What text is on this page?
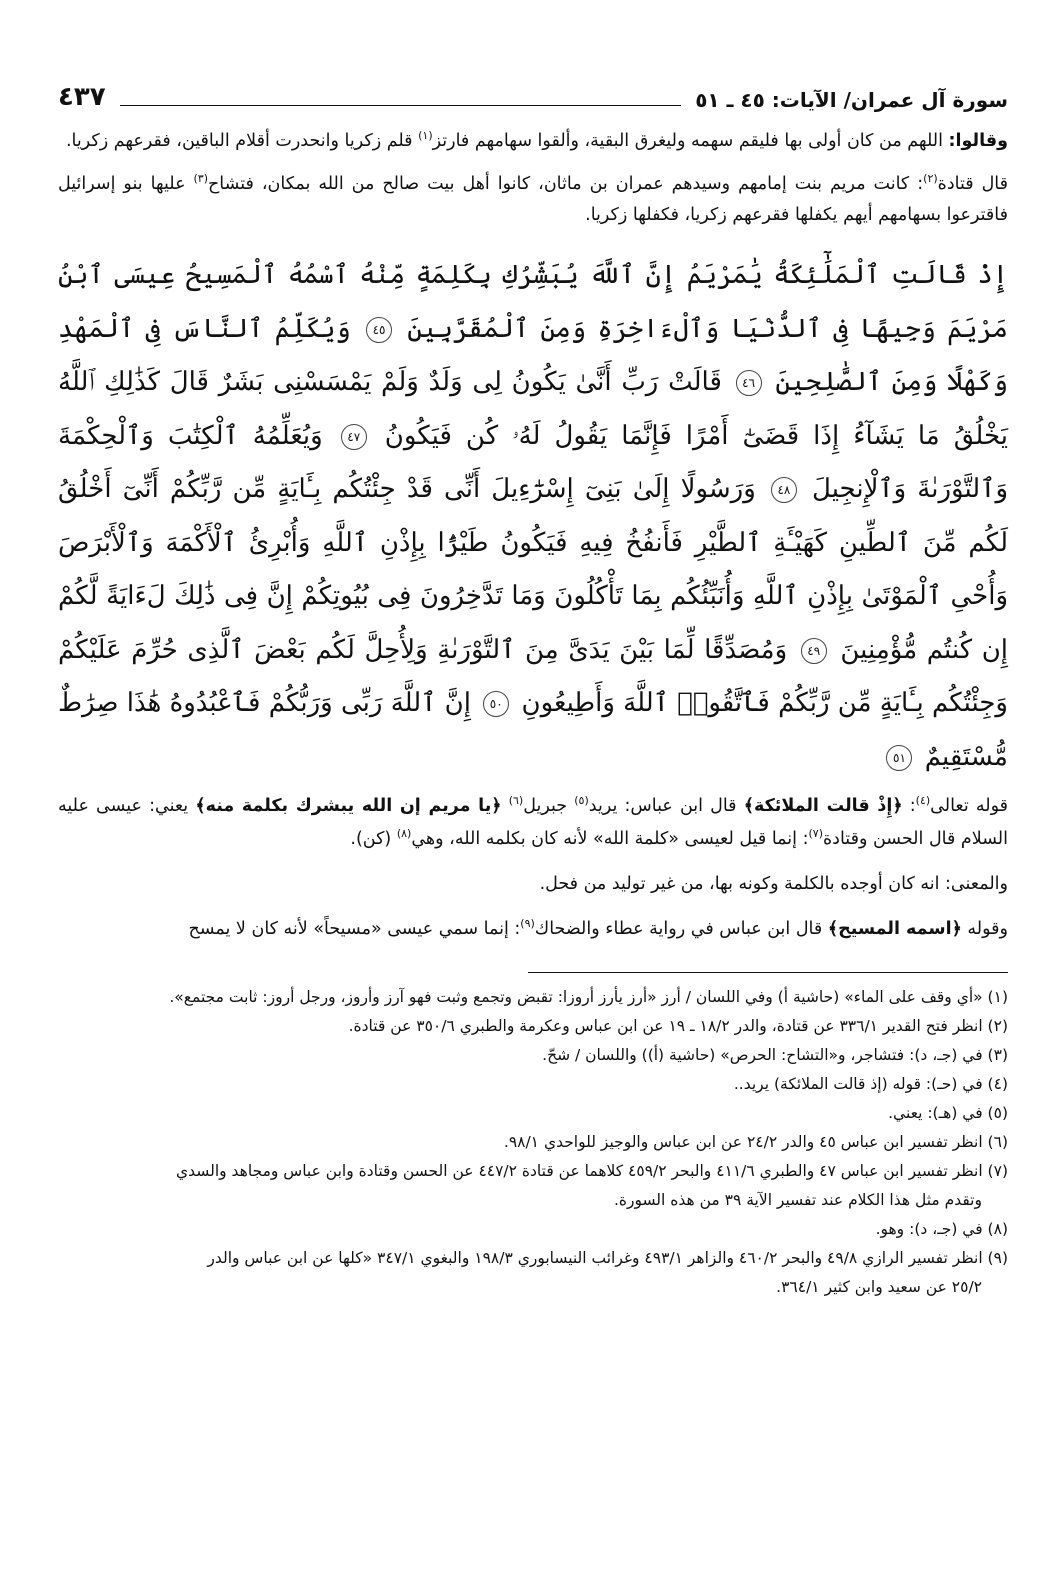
سورة آل عمران/ الآيات: ٤٥ ـ ٥١
٤٣٧

وقالوا: اللهم من كان أولى بها فليقم سهمه وليغرق البقية، وألقوا سهامهم فارتز$^{(١)}$ قلم زكريا وانحدرت أقلام الباقين، فقرعهم زكريا.

قال قتادة$^{(٢)}$: كانت مريم بنت إمامهم وسيدهم عمران بن ماثان، كانوا أهل بيت صالح من الله بمكان، فتشاح$^{(٣)}$ عليها بنو إسرائيل فاقترعوا بسهامهم أيهم يكفلها فقرعهم زكريا، فكفلها زكريا.

إِذْ قَالَتِ ٱلْمَلَٰٓئِكَةُ يَٰمَرْيَمُ إِنَّ ٱللَّهَ يُبَشِّرُكِ بِكَلِمَةٍ مِّنْهُ ٱسْمُهُ ٱلْمَسِيحُ عِيسَى ٱبْنُ مَرْيَمَ وَجِيهًا فِى ٱلدُّنْيَا وَٱلْءَاخِرَةِ وَمِنَ ٱلْمُقَرَّبِينَ ٤٥ وَيُكَلِّمُ ٱلنَّاسَ فِى ٱلْمَهْدِ وَكَهْلًا وَمِنَ ٱلصَّٰلِحِينَ ٤٦ قَالَتْ رَبِّ أَنَّىٰ يَكُونُ لِى وَلَدٌ وَلَمْ يَمْسَسْنِى بَشَرٌ قَالَ كَذَٰلِكِ ٱللَّهُ يَخْلُقُ مَا يَشَآءُ إِذَا قَضَىٰٓ أَمْرًا فَإِنَّمَا يَقُولُ لَهُۥ كُن فَيَكُونُ ٤٧ وَيُعَلِّمُهُ ٱلْكِتَٰبَ وَٱلْحِكْمَةَ وَٱلتَّوْرَىٰةَ وَٱلْإِنجِيلَ ٤٨ وَرَسُولًا إِلَىٰ بَنِىٓ إِسْرَٰٓءِيلَ أَنِّى قَدْ جِئْتُكُم بِـَٔايَةٍ مِّن رَّبِّكُمْ أَنِّىٓ أَخْلُقُ لَكُم مِّنَ ٱلطِّينِ كَهَيْـَٔةِ ٱلطَّيْرِ فَأَنفُخُ فِيهِ فَيَكُونُ طَيْرًۢا بِإِذْنِ ٱللَّهِ وَأُبْرِئُ ٱلْأَكْمَهَ وَٱلْأَبْرَصَ وَأُحْىِ ٱلْمَوْتَىٰ بِإِذْنِ ٱللَّهِ وَأُنَبِّئُكُم بِمَا تَأْكُلُونَ وَمَا تَدَّخِرُونَ فِى بُيُوتِكُمْ إِنَّ فِى ذَٰلِكَ لَءَايَةً لَّكُمْ إِن كُنتُم مُّؤْمِنِينَ ٤٩ وَمُصَدِّقًا لِّمَا بَيْنَ يَدَىَّ مِنَ ٱلتَّوْرَىٰةِ وَلِأُحِلَّ لَكُم بَعْضَ ٱلَّذِى حُرِّمَ عَلَيْكُمْ وَجِئْتُكُم بِـَٔايَةٍ مِّن رَّبِّكُمْ فَٱتَّقُوا۟ ٱللَّهَ وَأَطِيعُونِ ٥٠ إِنَّ ٱللَّهَ رَبِّى وَرَبُّكُمْ فَٱعْبُدُوهُ هَٰذَا صِرَٰطٌ مُّسْتَقِيمٌ ٥١

قوله تعالى$^{(٤)}$: ﴿إِذْ قالت الملائكة﴾ قال ابن عباس: يريد$^{(٥)}$ جبريل$^{(٦)}$ ﴿يا مريم إن الله يبشرك بكلمة منه﴾ يعني: عيسى عليه السلام قال الحسن وقتادة$^{(٧)}$: إنما قيل لعيسى «كلمة الله» لأنه كان بكلمه الله، وهي$^{(٨)}$ (كن).

والمعنى: انه كان أوجده بالكلمة وكونه بها، من غير توليد من فحل.

وقوله ﴿اسمه المسيح﴾ قال ابن عباس في رواية عطاء والضحاك$^{(٩)}$: إنما سمي عيسى «مسيحاً» لأنه كان لا يمسح

(١) «أي وقف على الماء» (حاشية أ) وفي اللسان / أرز «أرز يأرز أروزا: تقبض وتجمع وثبت فهو آرز وأروز، ورجل أروز: ثابت مجتمع».

(٢) انظر فتح القدير ٣٣٦/١ عن قتادة، والدر ١٨/٢ ـ ١٩ عن ابن عباس وعكرمة والطبري ٣٥٠/٦ عن قتادة.

(٣) في (جـ، د): فتشاجر، و«التشاح: الحرص» (حاشية (أ)) واللسان / شحّ.

(٤) في (حـ): قوله (إذ قالت الملائكة) يريد..

(٥) في (هـ): يعني.

(٦) انظر تفسير ابن عباس ٤٥ والدر ٢٤/٢ عن ابن عباس والوجيز للواحدي ٩٨/١.

(٧) انظر تفسير ابن عباس ٤٧ والطبري ٤١١/٦ والبحر ٤٥٩/٢ كلاهما عن قتادة ٤٤٧/٢ عن الحسن وقتادة وابن عباس ومجاهد والسدي

وتقدم مثل هذا الكلام عند تفسير الآية ٣٩ من هذه السورة.

(٨) في (جـ، د): وهو.

(٩) انظر تفسير الرازي ٤٩/٨ والبحر ٤٦٠/٢ والزاهر ٤٩٣/١ وغرائب النيسابوري ١٩٨/٣ والبغوي ٣٤٧/١ «كلها عن ابن عباس والدر

٢٥/٢ عن سعيد وابن كثير ٣٦٤/١.
